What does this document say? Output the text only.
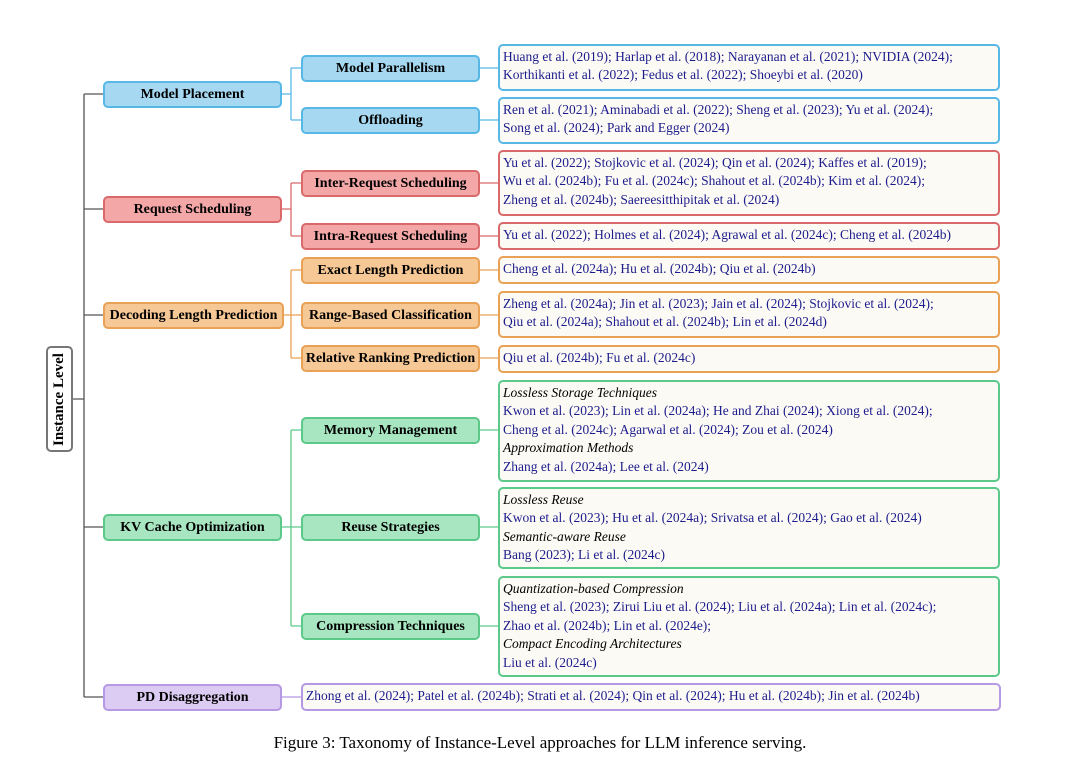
Instance Level
Model Placement
Request Scheduling
Decoding Length Prediction
KV Cache Optimization
PD Disaggregation
Model Parallelism
Offloading
Inter-Request Scheduling
Intra-Request Scheduling
Exact Length Prediction
Range-Based Classification
Relative Ranking Prediction
Memory Management
Reuse Strategies
Compression Techniques
Huang et al. (2019); Harlap et al. (2018); Narayanan et al. (2021); NVIDIA (2024);
Korthikanti et al. (2022); Fedus et al. (2022); Shoeybi et al. (2020)
Ren et al. (2021); Aminabadi et al. (2022); Sheng et al. (2023); Yu et al. (2024);
Song et al. (2024); Park and Egger (2024)
Yu et al. (2022); Stojkovic et al. (2024); Qin et al. (2024); Kaffes et al. (2019);
Wu et al. (2024b); Fu et al. (2024c); Shahout et al. (2024b); Kim et al. (2024);
Zheng et al. (2024b); Saereesitthipitak et al. (2024)
Yu et al. (2022); Holmes et al. (2024); Agrawal et al. (2024c); Cheng et al. (2024b)
Cheng et al. (2024a); Hu et al. (2024b); Qiu et al. (2024b)
Zheng et al. (2024a); Jin et al. (2023); Jain et al. (2024); Stojkovic et al. (2024);
Qiu et al. (2024a); Shahout et al. (2024b); Lin et al. (2024d)
Qiu et al. (2024b); Fu et al. (2024c)
Lossless Storage Techniques
Kwon et al. (2023); Lin et al. (2024a); He and Zhai (2024); Xiong et al. (2024);
Cheng et al. (2024c); Agarwal et al. (2024); Zou et al. (2024)
Approximation Methods
Zhang et al. (2024a); Lee et al. (2024)
Lossless Reuse
Kwon et al. (2023); Hu et al. (2024a); Srivatsa et al. (2024); Gao et al. (2024)
Semantic-aware Reuse
Bang (2023); Li et al. (2024c)
Quantization-based Compression
Sheng et al. (2023); Zirui Liu et al. (2024); Liu et al. (2024a); Lin et al. (2024c);
Zhao et al. (2024b); Lin et al. (2024e);
Compact Encoding Architectures
Liu et al. (2024c)
Zhong et al. (2024); Patel et al. (2024b); Strati et al. (2024); Qin et al. (2024); Hu et al. (2024b); Jin et al. (2024b)
Figure 3: Taxonomy of Instance-Level approaches for LLM inference serving.
